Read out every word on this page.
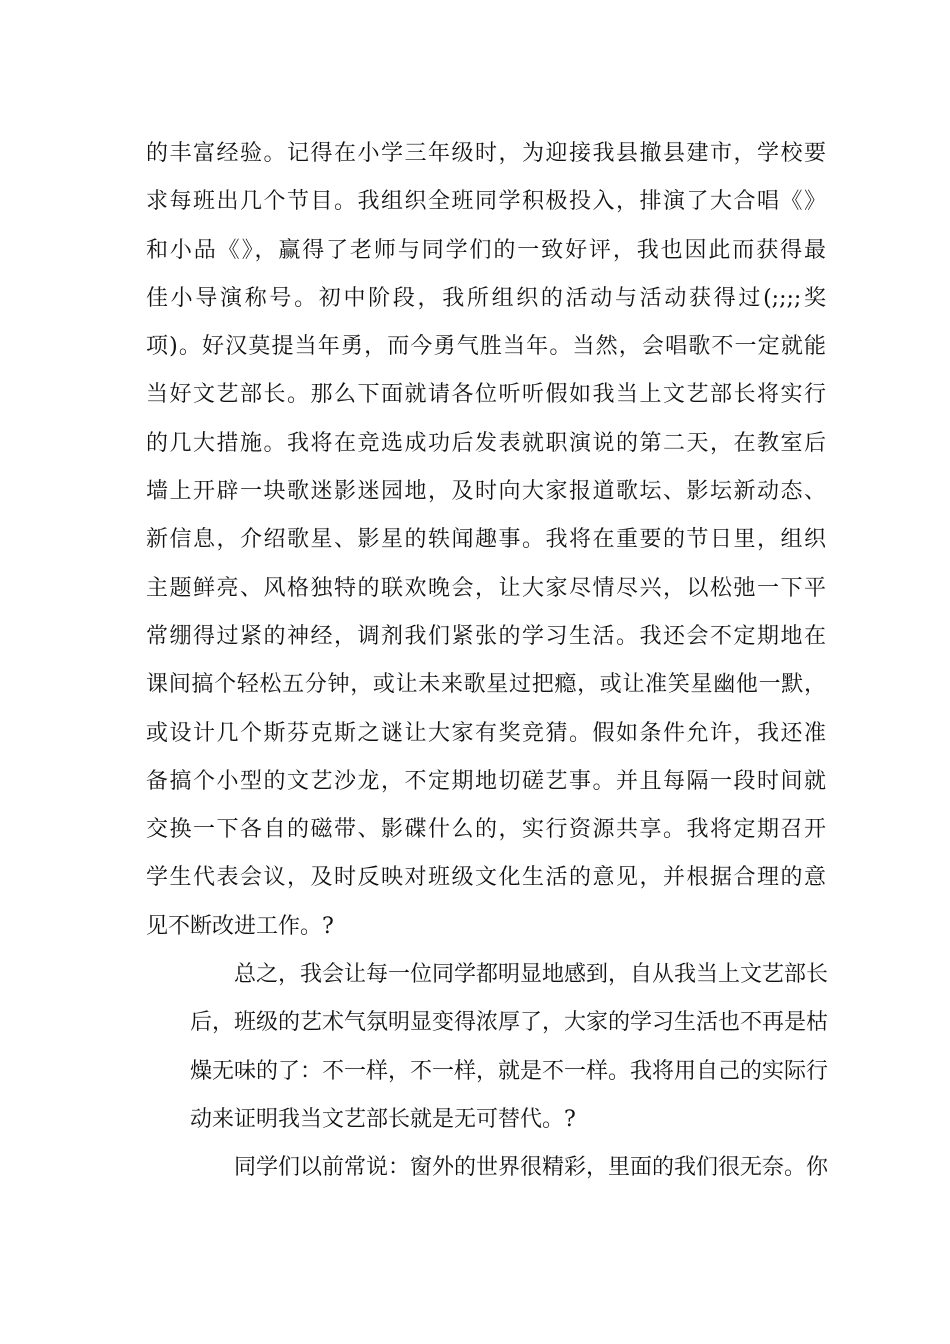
的丰富经验。记得在小学三年级时，为迎接我县撤县建市，学校要
求每班出几个节目。我组织全班同学积极投入，排演了大合唱《》
和小品《》，赢得了老师与同学们的一致好评，我也因此而获得最
佳小导演称号。初中阶段，我所组织的活动与活动获得过(;;;;奖
项)。好汉莫提当年勇，而今勇气胜当年。当然，会唱歌不一定就能
当好文艺部长。那么下面就请各位听听假如我当上文艺部长将实行
的几大措施。我将在竞选成功后发表就职演说的第二天，在教室后
墙上开辟一块歌迷影迷园地，及时向大家报道歌坛、影坛新动态、
新信息，介绍歌星、影星的轶闻趣事。我将在重要的节日里，组织
主题鲜亮、风格独特的联欢晚会，让大家尽情尽兴，以松弛一下平
常绷得过紧的神经，调剂我们紧张的学习生活。我还会不定期地在
课间搞个轻松五分钟，或让未来歌星过把瘾，或让准笑星幽他一默，
或设计几个斯芬克斯之谜让大家有奖竞猜。假如条件允许，我还准
备搞个小型的文艺沙龙，不定期地切磋艺事。并且每隔一段时间就
交换一下各自的磁带、影碟什么的，实行资源共享。我将定期召开
学生代表会议，及时反映对班级文化生活的意见，并根据合理的意
见不断改进工作。?

总之，我会让每一位同学都明显地感到，自从我当上文艺部长
后，班级的艺术气氛明显变得浓厚了，大家的学习生活也不再是枯
燥无味的了：不一样，不一样，就是不一样。我将用自己的实际行
动来证明我当文艺部长就是无可替代。?

同学们以前常说：窗外的世界很精彩，里面的我们很无奈。你
